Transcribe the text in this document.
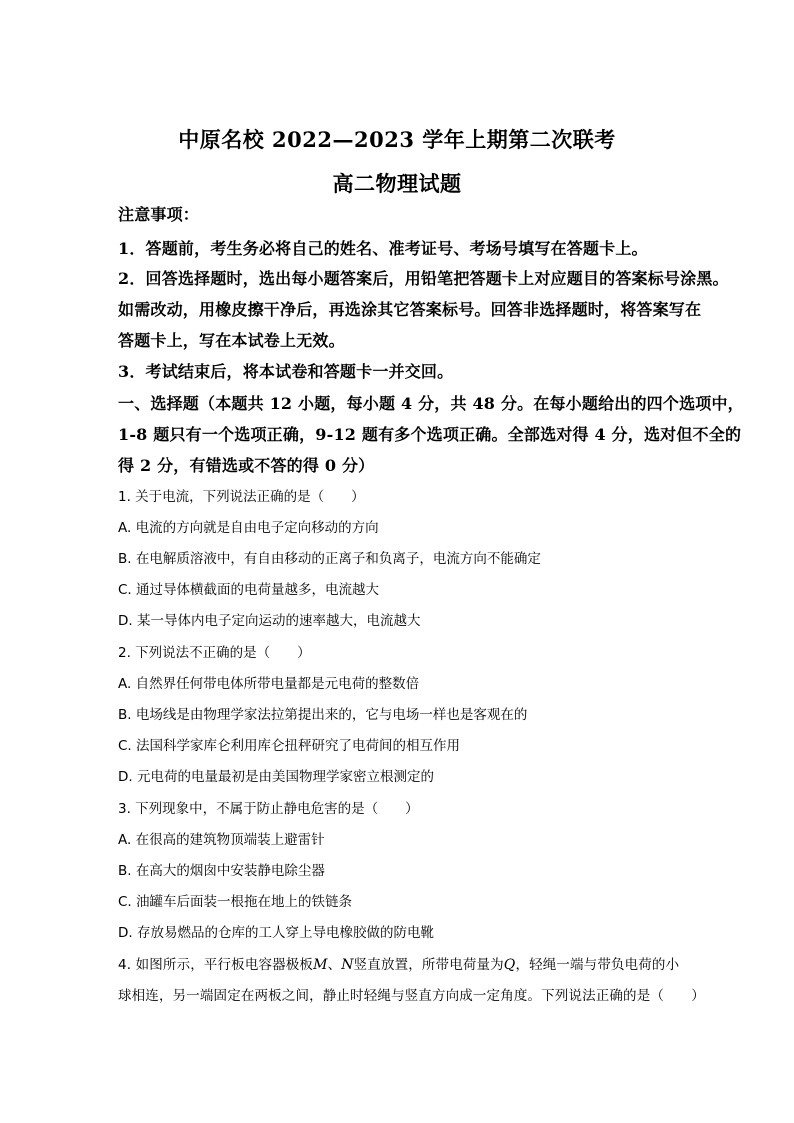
中原名校 2022—2023 学年上期第二次联考
高二物理试题
注意事项：
1．答题前，考生务必将自己的姓名、准考证号、考场号填写在答题卡上。
2．回答选择题时，选出每小题答案后，用铅笔把答题卡上对应题目的答案标号涂黑。
如需改动，用橡皮擦干净后，再选涂其它答案标号。回答非选择题时，将答案写在
答题卡上，写在本试卷上无效。
3．考试结束后，将本试卷和答题卡一并交回。
一、选择题（本题共 12 小题，每小题 4 分，共 48 分。在每小题给出的四个选项中，
1-8 题只有一个选项正确，9-12 题有多个选项正确。全部选对得 4 分，选对但不全的
得 2 分，有错选或不答的得 0 分）
1. 关于电流，下列说法正确的是（　　）
A. 电流的方向就是自由电子定向移动的方向
B. 在电解质溶液中，有自由移动的正离子和负离子，电流方向不能确定
C. 通过导体横截面的电荷量越多，电流越大
D. 某一导体内电子定向运动的速率越大，电流越大
2. 下列说法不正确的是（　　）
A. 自然界任何带电体所带电量都是元电荷的整数倍
B. 电场线是由物理学家法拉第提出来的，它与电场一样也是客观在的
C. 法国科学家库仑利用库仑扭秤研究了电荷间的相互作用
D. 元电荷的电量最初是由美国物理学家密立根测定的
3. 下列现象中，不属于防止静电危害的是（　　）
A. 在很高的建筑物顶端装上避雷针
B. 在高大的烟囱中安装静电除尘器
C. 油罐车后面装一根拖在地上的铁链条
D. 存放易燃品的仓库的工人穿上导电橡胶做的防电靴
4. 如图所示，平行板电容器极板M、N竖直放置，所带电荷量为Q，轻绳一端与带负电荷的小
球相连，另一端固定在两板之间，静止时轻绳与竖直方向成一定角度。下列说法正确的是（　　）
